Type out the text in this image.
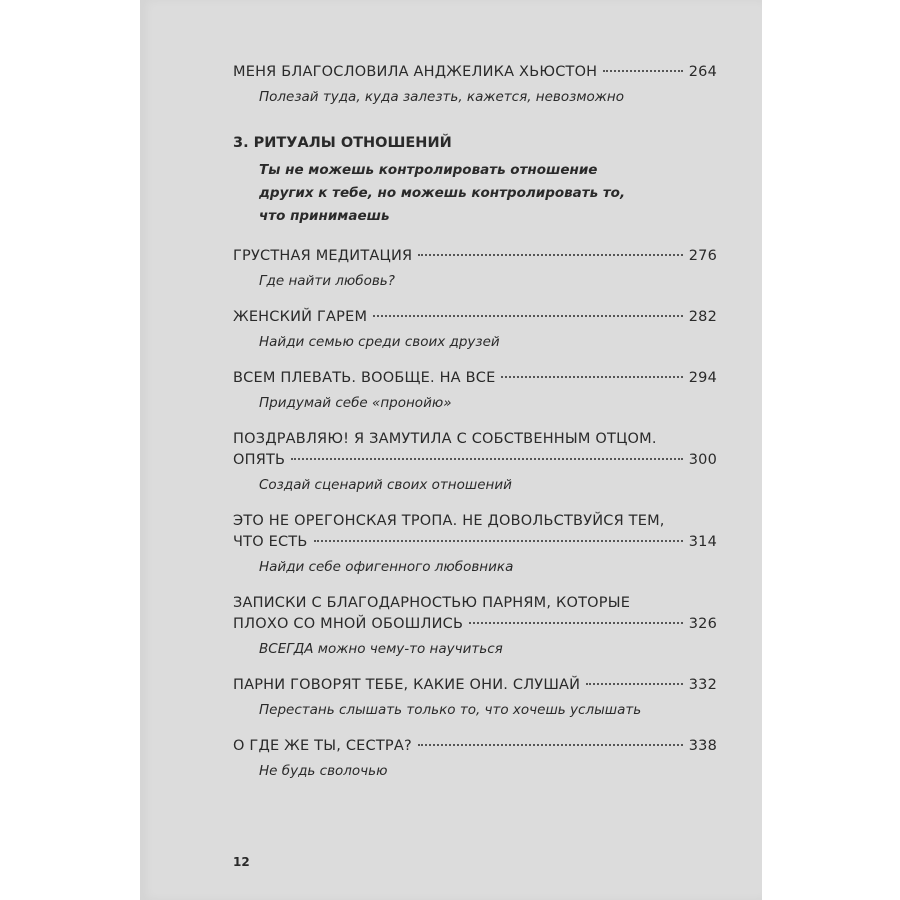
МЕНЯ БЛАГОСЛОВИЛА АНДЖЕЛИКА ХЬЮСТОН	264
Полезай туда, куда залезть, кажется, невозможно
3. РИТУАЛЫ ОТНОШЕНИЙ
Ты не можешь контролировать отношение
других к тебе, но можешь контролировать то,
что принимаешь
ГРУСТНАЯ МЕДИТАЦИЯ	276
Где найти любовь?
ЖЕНСКИЙ ГАРЕМ	282
Найди семью среди своих друзей
ВСЕМ ПЛЕВАТЬ. ВООБЩЕ. НА ВСЕ	294
Придумай себе «пронойю»
ПОЗДРАВЛЯЮ! Я ЗАМУТИЛА С СОБСТВЕННЫМ ОТЦОМ.
ОПЯТЬ	300
Создай сценарий своих отношений
ЭТО НЕ ОРЕГОНСКАЯ ТРОПА. НЕ ДОВОЛЬСТВУЙСЯ ТЕМ,
ЧТО ЕСТЬ	314
Найди себе офигенного любовника
ЗАПИСКИ С БЛАГОДАРНОСТЬЮ ПАРНЯМ, КОТОРЫЕ
ПЛОХО СО МНОЙ ОБОШЛИСЬ	326
ВСЕГДА можно чему-то научиться
ПАРНИ ГОВОРЯТ ТЕБЕ, КАКИЕ ОНИ. СЛУШАЙ	332
Перестань слышать только то, что хочешь услышать
О ГДЕ ЖЕ ТЫ, СЕСТРА?	338
Не будь сволочью
12
